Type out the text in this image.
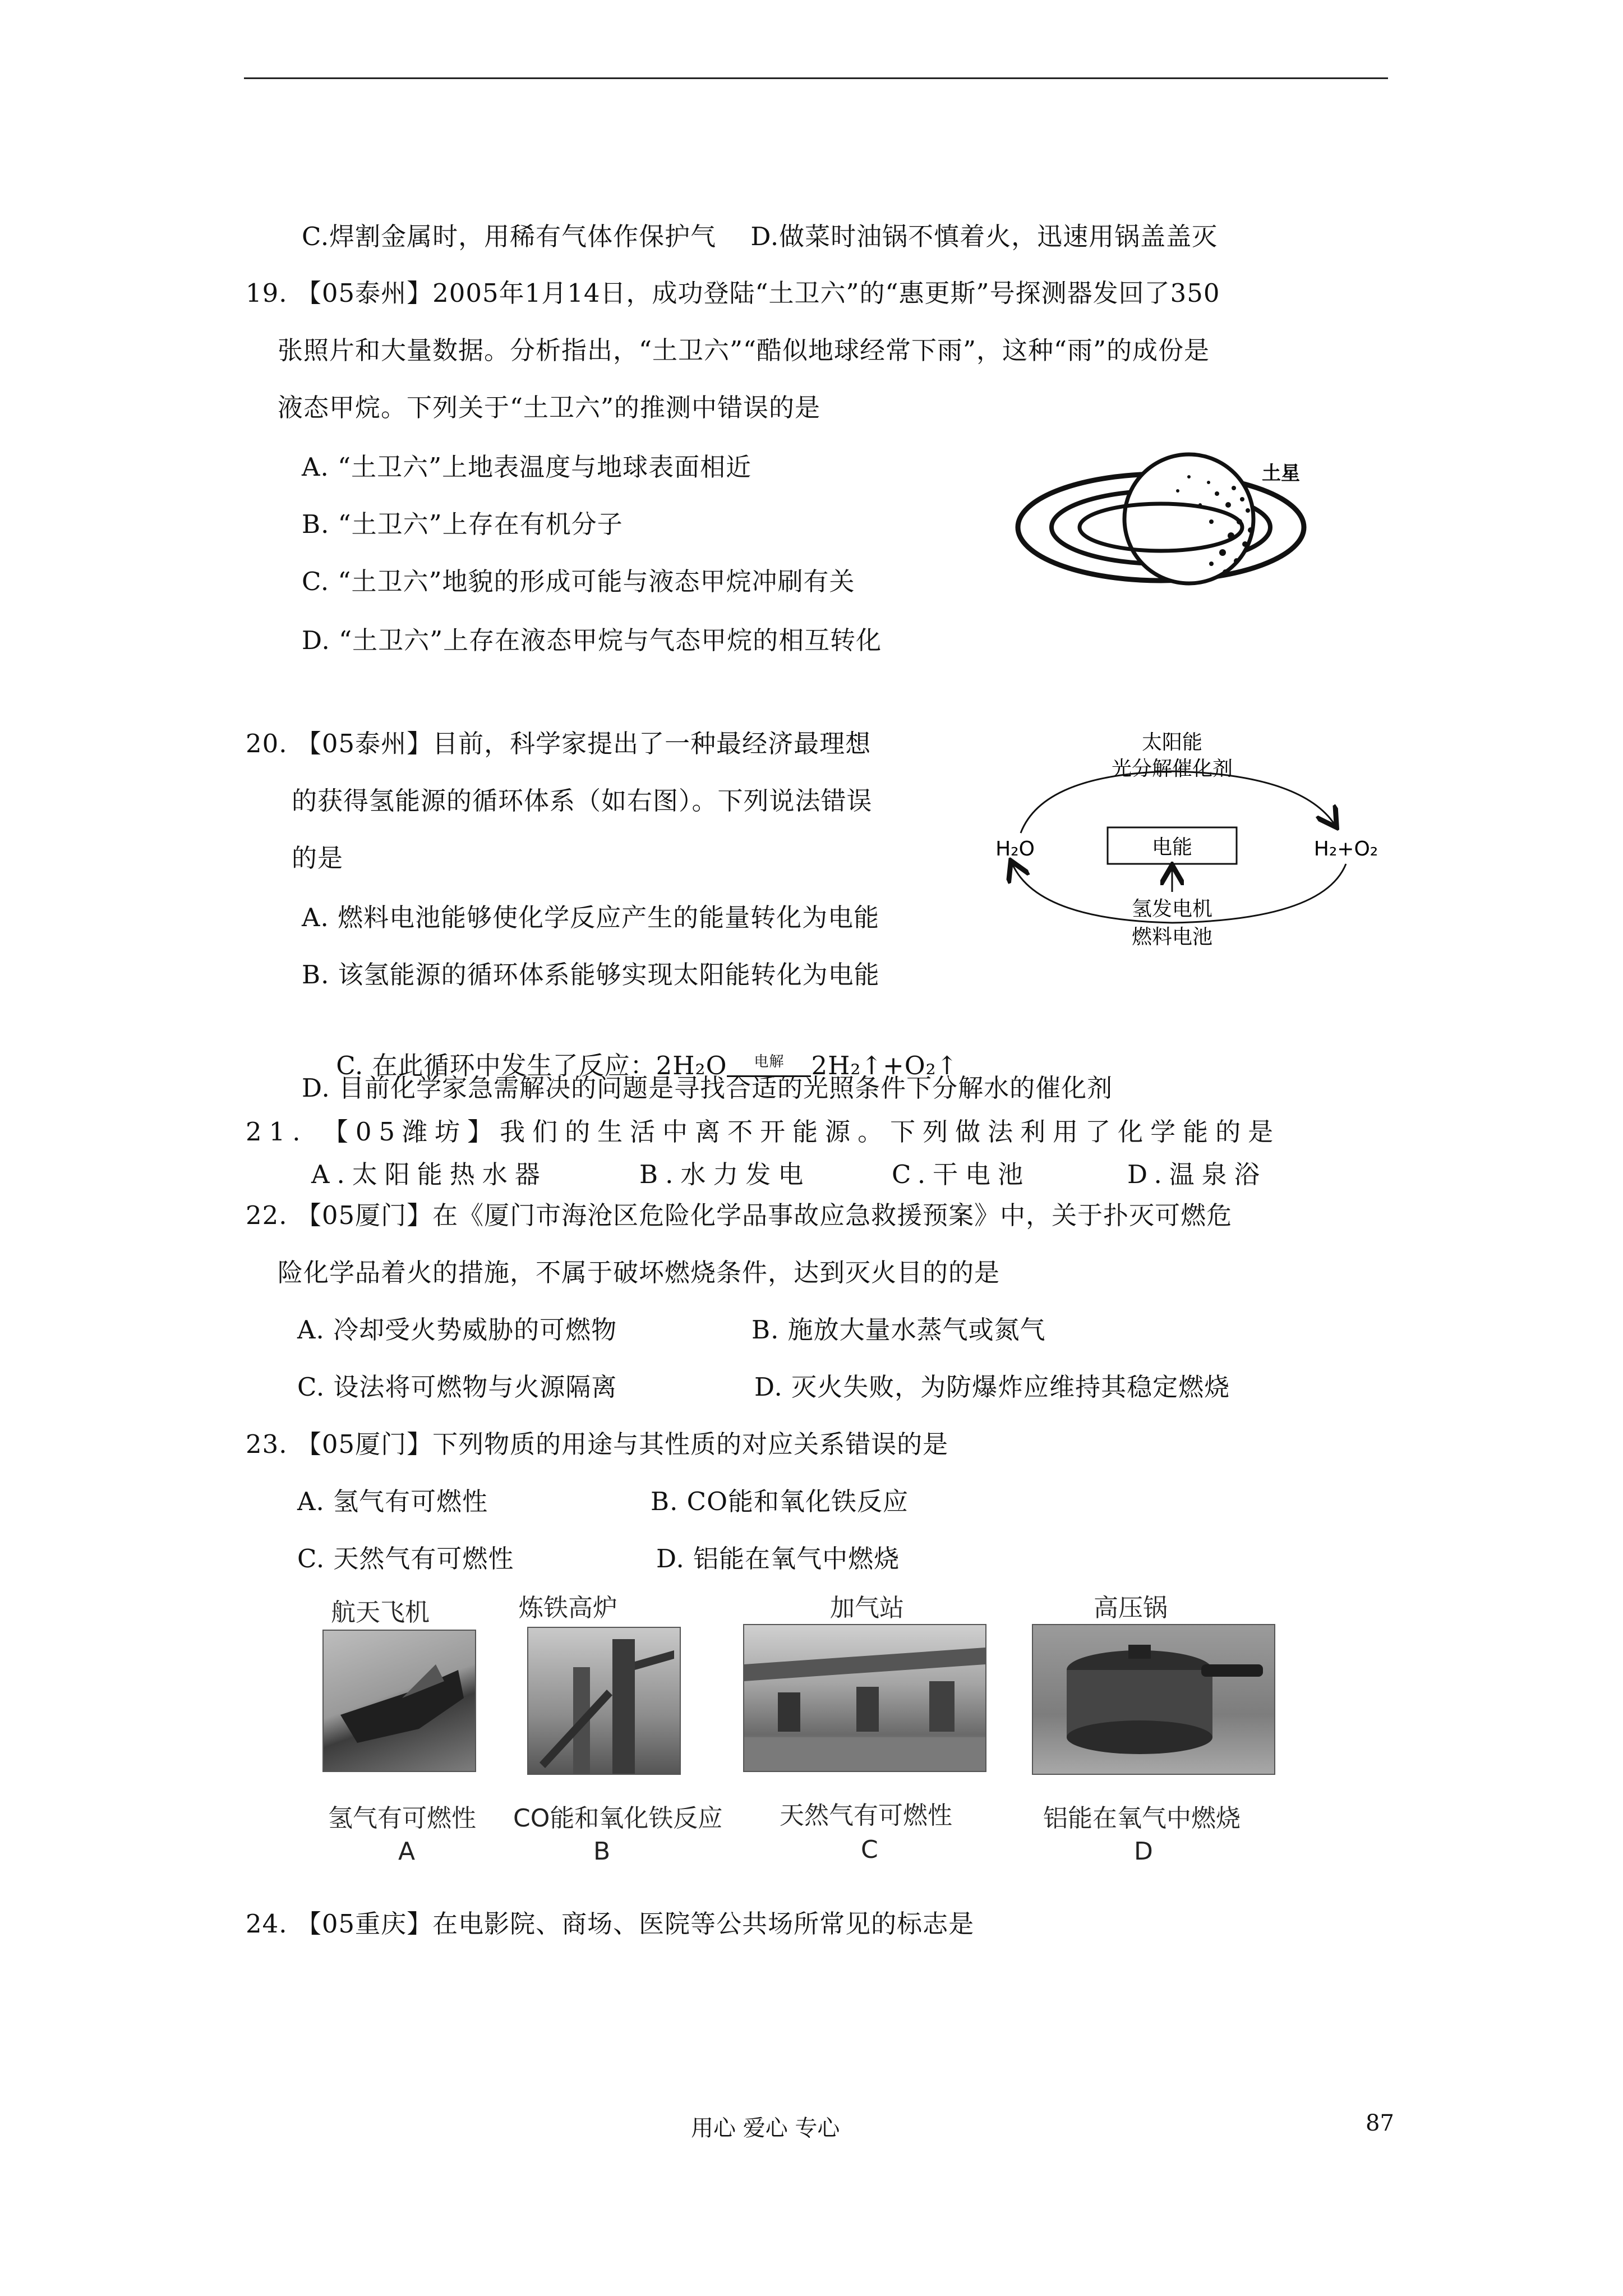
C.焊割金属时，用稀有气体作保护气    D.做菜时油锅不慎着火，迅速用锅盖盖灭
19. 【05泰州】2005年1月14日，成功登陆“土卫六”的“惠更斯”号探测器发回了350
张照片和大量数据。分析指出，“土卫六”“酷似地球经常下雨”，这种“雨”的成份是
液态甲烷。下列关于“土卫六”的推测中错误的是
A. “土卫六”上地表温度与地球表面相近
B. “土卫六”上存在有机分子
C. “土卫六”地貌的形成可能与液态甲烷冲刷有关
D. “土卫六”上存在液态甲烷与气态甲烷的相互转化
土星
20. 【05泰州】目前，科学家提出了一种最经济最理想
的获得氢能源的循环体系（如右图）。下列说法错误
的是
A. 燃料电池能够使化学反应产生的能量转化为电能
B. 该氢能源的循环体系能够实现太阳能转化为电能

C. 在此循环中发生了反应：2H₂O	电解	2H₂↑+O₂↑

D. 目前化学家急需解决的问题是寻找合适的光照条件下分解水的催化剂
太阳能
光分解催化剂
H₂O	电能	H₂+O₂
氢发电机
燃料电池
21. 【05潍坊】我们的生活中离不开能源。下列做法利用了化学能的是
A.太阳能热水器	B.水力发电	C.干电池	D.温泉浴
22. 【05厦门】在《厦门市海沧区危险化学品事故应急救援预案》中，关于扑灭可燃危
险化学品着火的措施，不属于破坏燃烧条件，达到灭火目的的是
A. 冷却受火势威胁的可燃物	B. 施放大量水蒸气或氮气
C. 设法将可燃物与火源隔离	D. 灭火失败，为防爆炸应维持其稳定燃烧
23. 【05厦门】下列物质的用途与其性质的对应关系错误的是
A. 氢气有可燃性	B. CO能和氧化铁反应
C. 天然气有可燃性	D. 铝能在氧气中燃烧
航天飞机
氢气有可燃性
A
炼铁高炉
CO能和氧化铁反应
B
加气站
天然气有可燃性
C
高压锅
铝能在氧气中燃烧
D
24. 【05重庆】在电影院、商场、医院等公共场所常见的标志是
用心 爱心 专心	87
